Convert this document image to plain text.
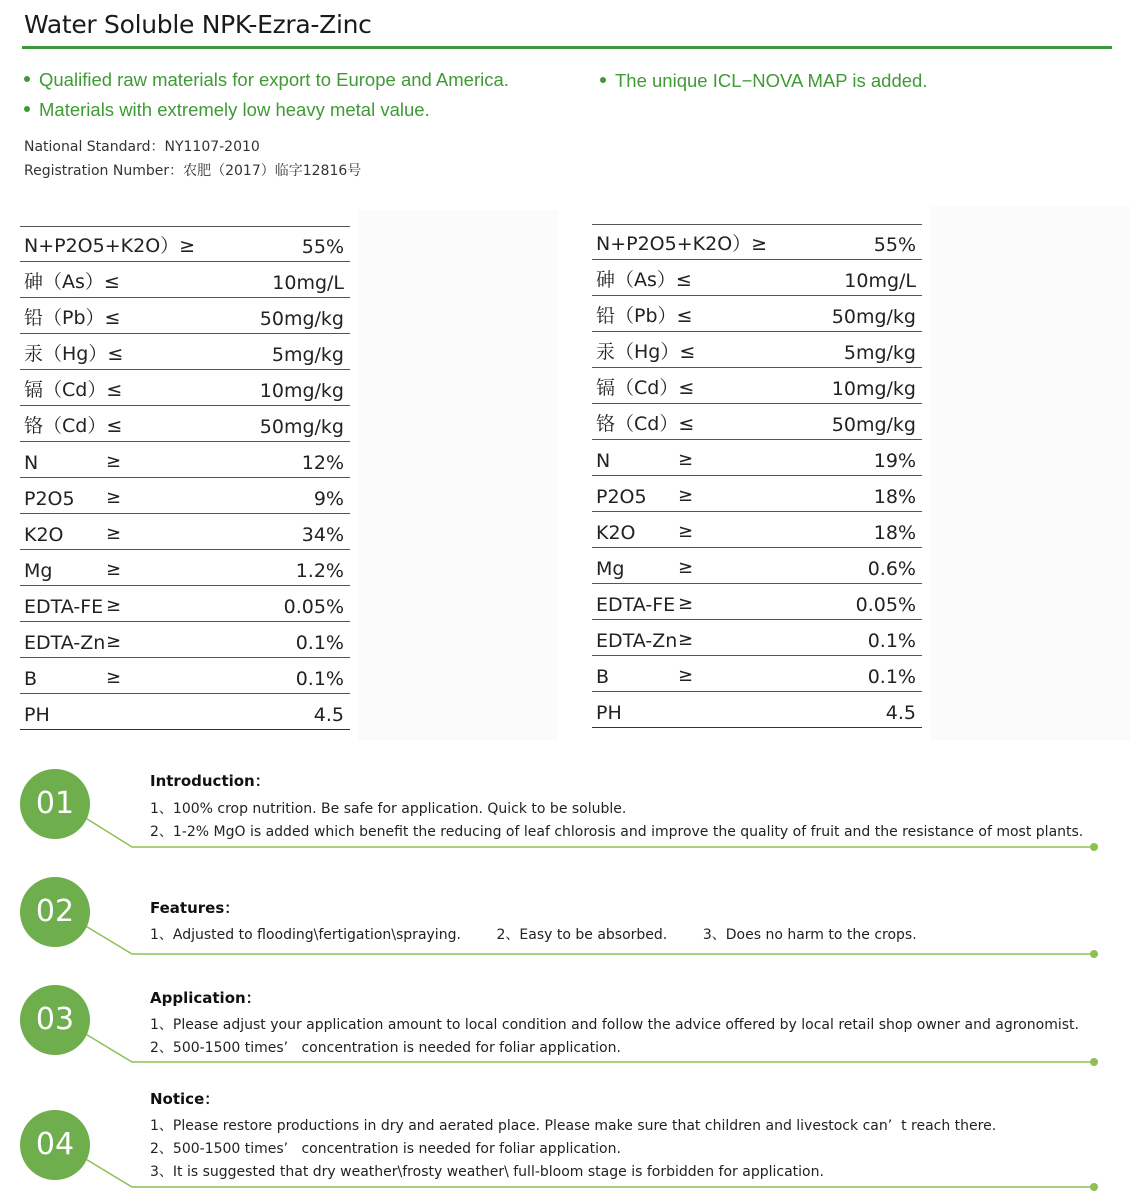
Water Soluble NPK-Ezra-Zinc
Qualified raw materials for export to Europe and America.
Materials with extremely low heavy metal value.
The unique ICL−NOVA MAP is added.
National Standard：NY1107-2010
Registration Number：农肥（2017）临字12816号
N+P2O5+K2O）≥	55%
砷（As）≤	10mg/L
铅（Pb）≤	50mg/kg
汞（Hg）≤	5mg/kg
镉（Cd）≤	10mg/kg
铬（Cd）≤	50mg/kg
N	≥	12%
P2O5 ≥	9%
K2O ≥	34%
Mg	≥	1.2%
EDTA-FE ≥	0.05%
EDTA-Zn ≥	0.1%
B	≥	0.1%
PH	4.5
N+P2O5+K2O）≥	55%
砷（As）≤	10mg/L
铅（Pb）≤	50mg/kg
汞（Hg）≤	5mg/kg
镉（Cd）≤	10mg/kg
铬（Cd）≤	50mg/kg
N	≥	19%
P2O5 ≥	18%
K2O ≥	18%
Mg	≥	0.6%
EDTA-FE ≥	0.05%
EDTA-Zn ≥	0.1%
B	≥	0.1%
PH	4.5
01
Introduction：
1、100% crop nutrition. Be safe for application. Quick to be soluble.
2、1-2% MgO is added which benefit the reducing of leaf chlorosis and improve the quality of fruit and the resistance of most plants.
02	Features：
1、Adjusted to flooding\fertigation\spraying.        2、Easy to be absorbed.        3、Does no harm to the crops.
03
Application：
1、Please adjust your application amount to local condition and follow the advice offered by local retail shop owner and agronomist.
2、500-1500 times’   concentration is needed for foliar application.
04
Notice：
1、Please restore productions in dry and aerated place. Please make sure that children and livestock can’  t reach there.
2、500-1500 times’   concentration is needed for foliar application.
3、It is suggested that dry weather\frosty weather\ full-bloom stage is forbidden for application.
